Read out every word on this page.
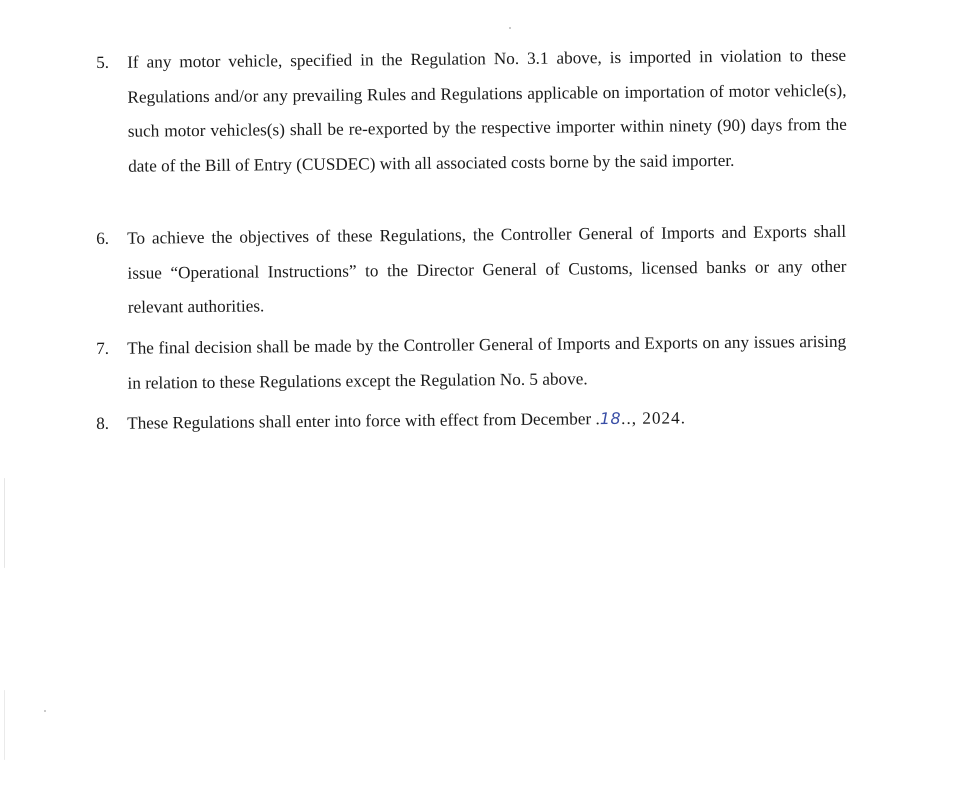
5.	If any motor vehicle, specified in the Regulation No. 3.1 above, is imported in violation to these Regulations and/or any prevailing Rules and Regulations applicable on importation of motor vehicle(s), such motor vehicles(s) shall be re-exported by the respective importer within ninety (90) days from the date of the Bill of Entry (CUSDEC) with all associated costs borne by the said importer.
6.	To achieve the objectives of these Regulations, the Controller General of Imports and Exports shall issue “Operational Instructions” to the Director General of Customs, licensed banks or any other relevant authorities.
7.	The final decision shall be made by the Controller General of Imports and Exports on any issues arising in relation to these Regulations except the Regulation No. 5 above.
8.	These Regulations shall enter into force with effect from December .18.., 2024.
